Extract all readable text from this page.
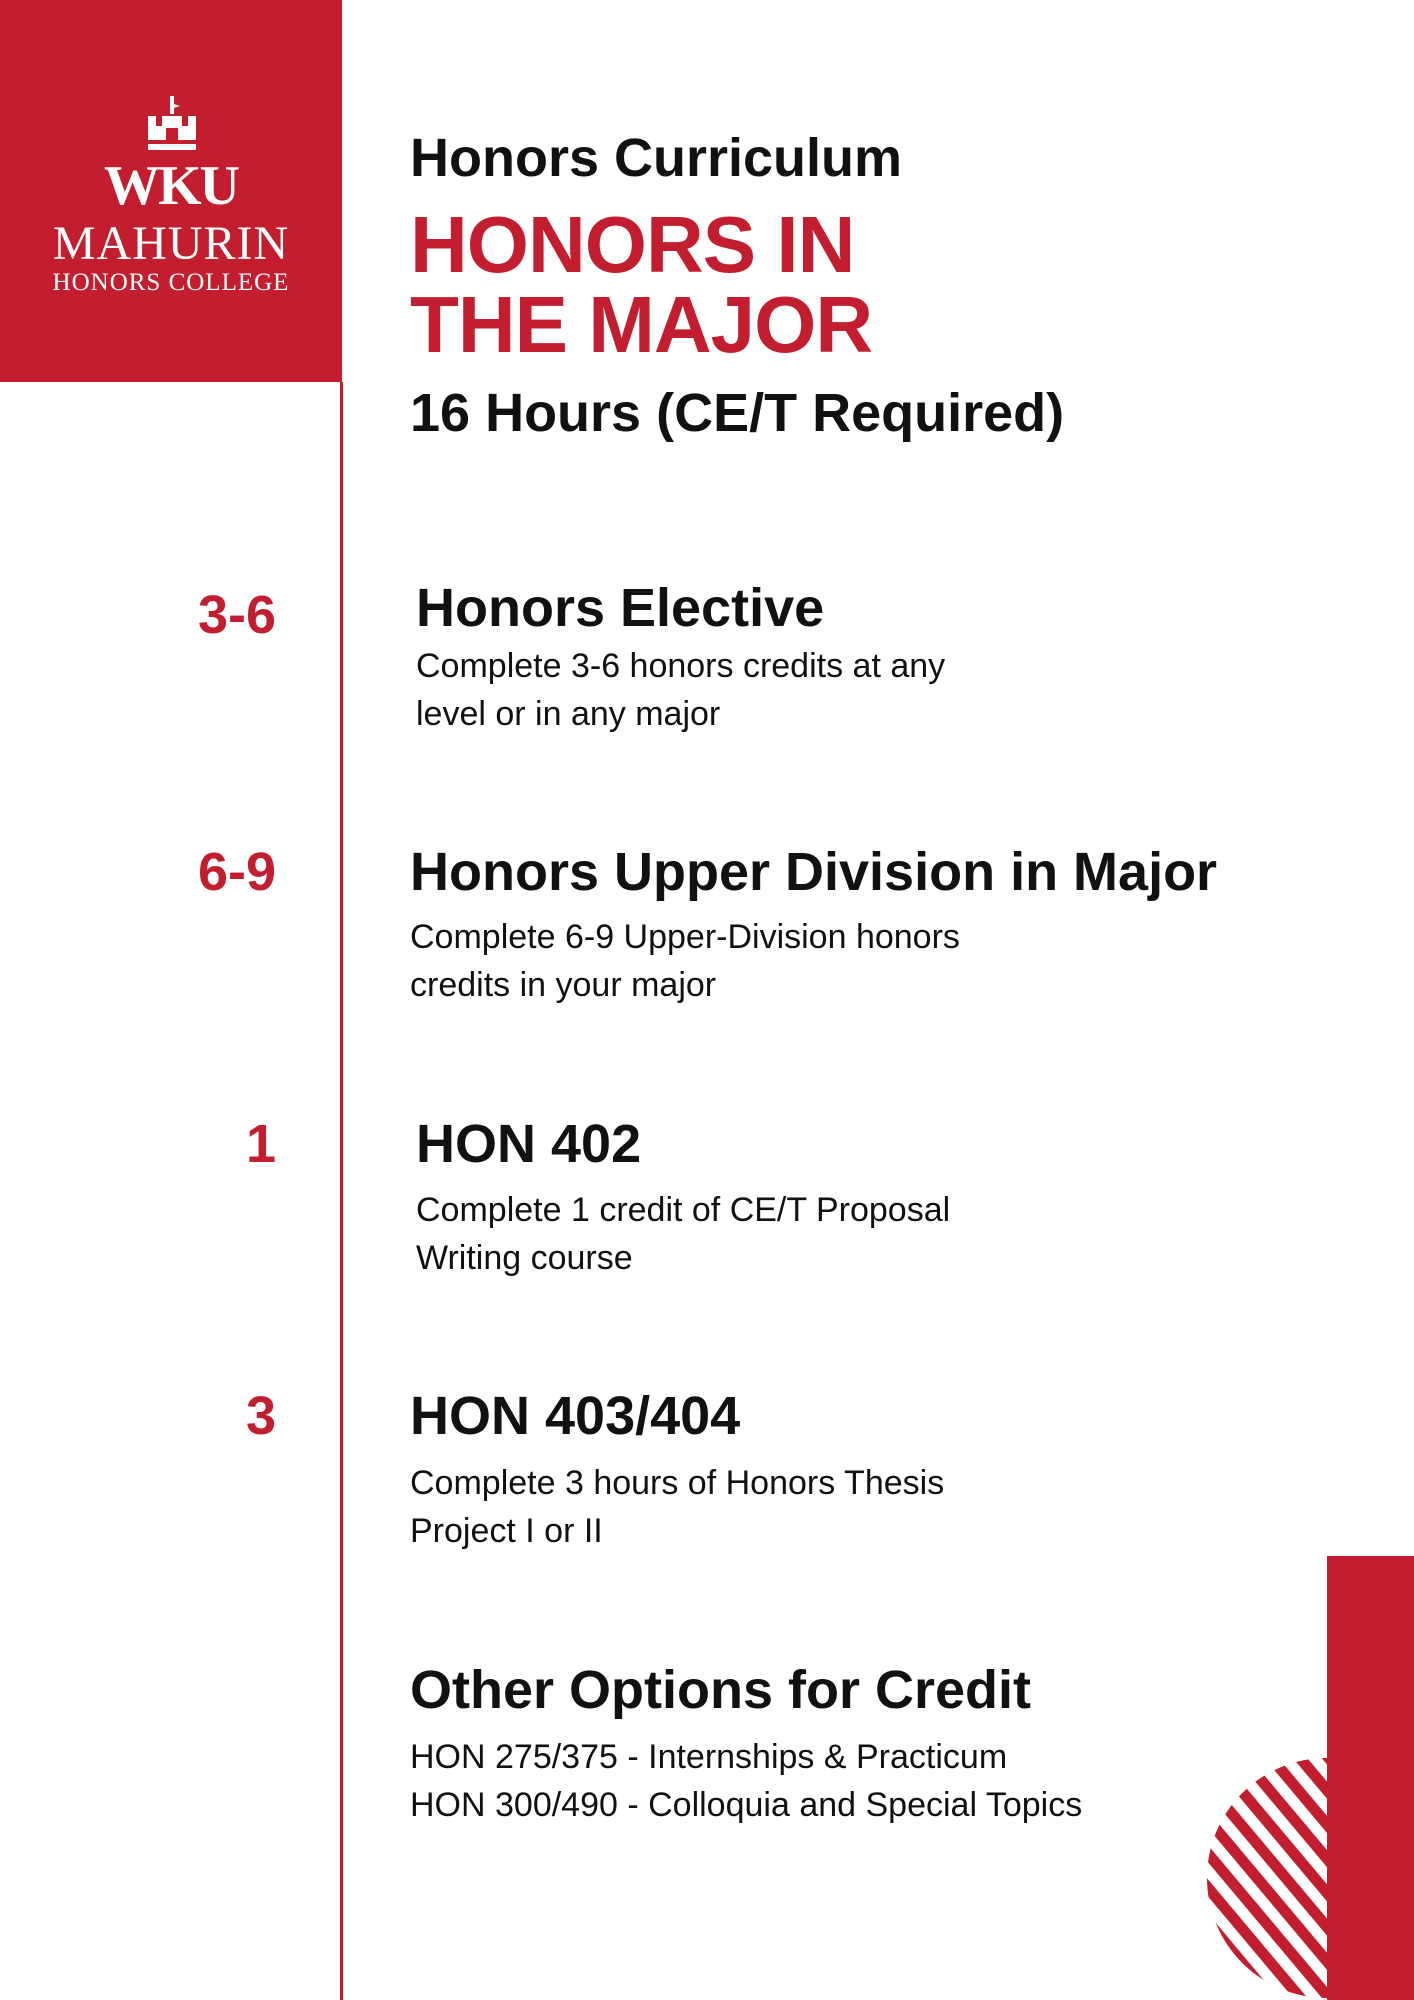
WKU
MAHURIN
HONORS COLLEGE
Honors Curriculum
HONORS IN
THE MAJOR
16 Hours (CE/T Required)
3-6	Honors Elective
Complete 3-6 honors credits at any
level or in any major
6-9 Honors Upper Division in Major
Complete 6-9 Upper-Division honors
credits in your major
1	HON 402
Complete 1 credit of CE/T Proposal
Writing course
3 HON 403/404
Complete 3 hours of Honors Thesis
Project I or II
Other Options for Credit
HON 275/375 - Internships & Practicum
HON 300/490 - Colloquia and Special Topics
